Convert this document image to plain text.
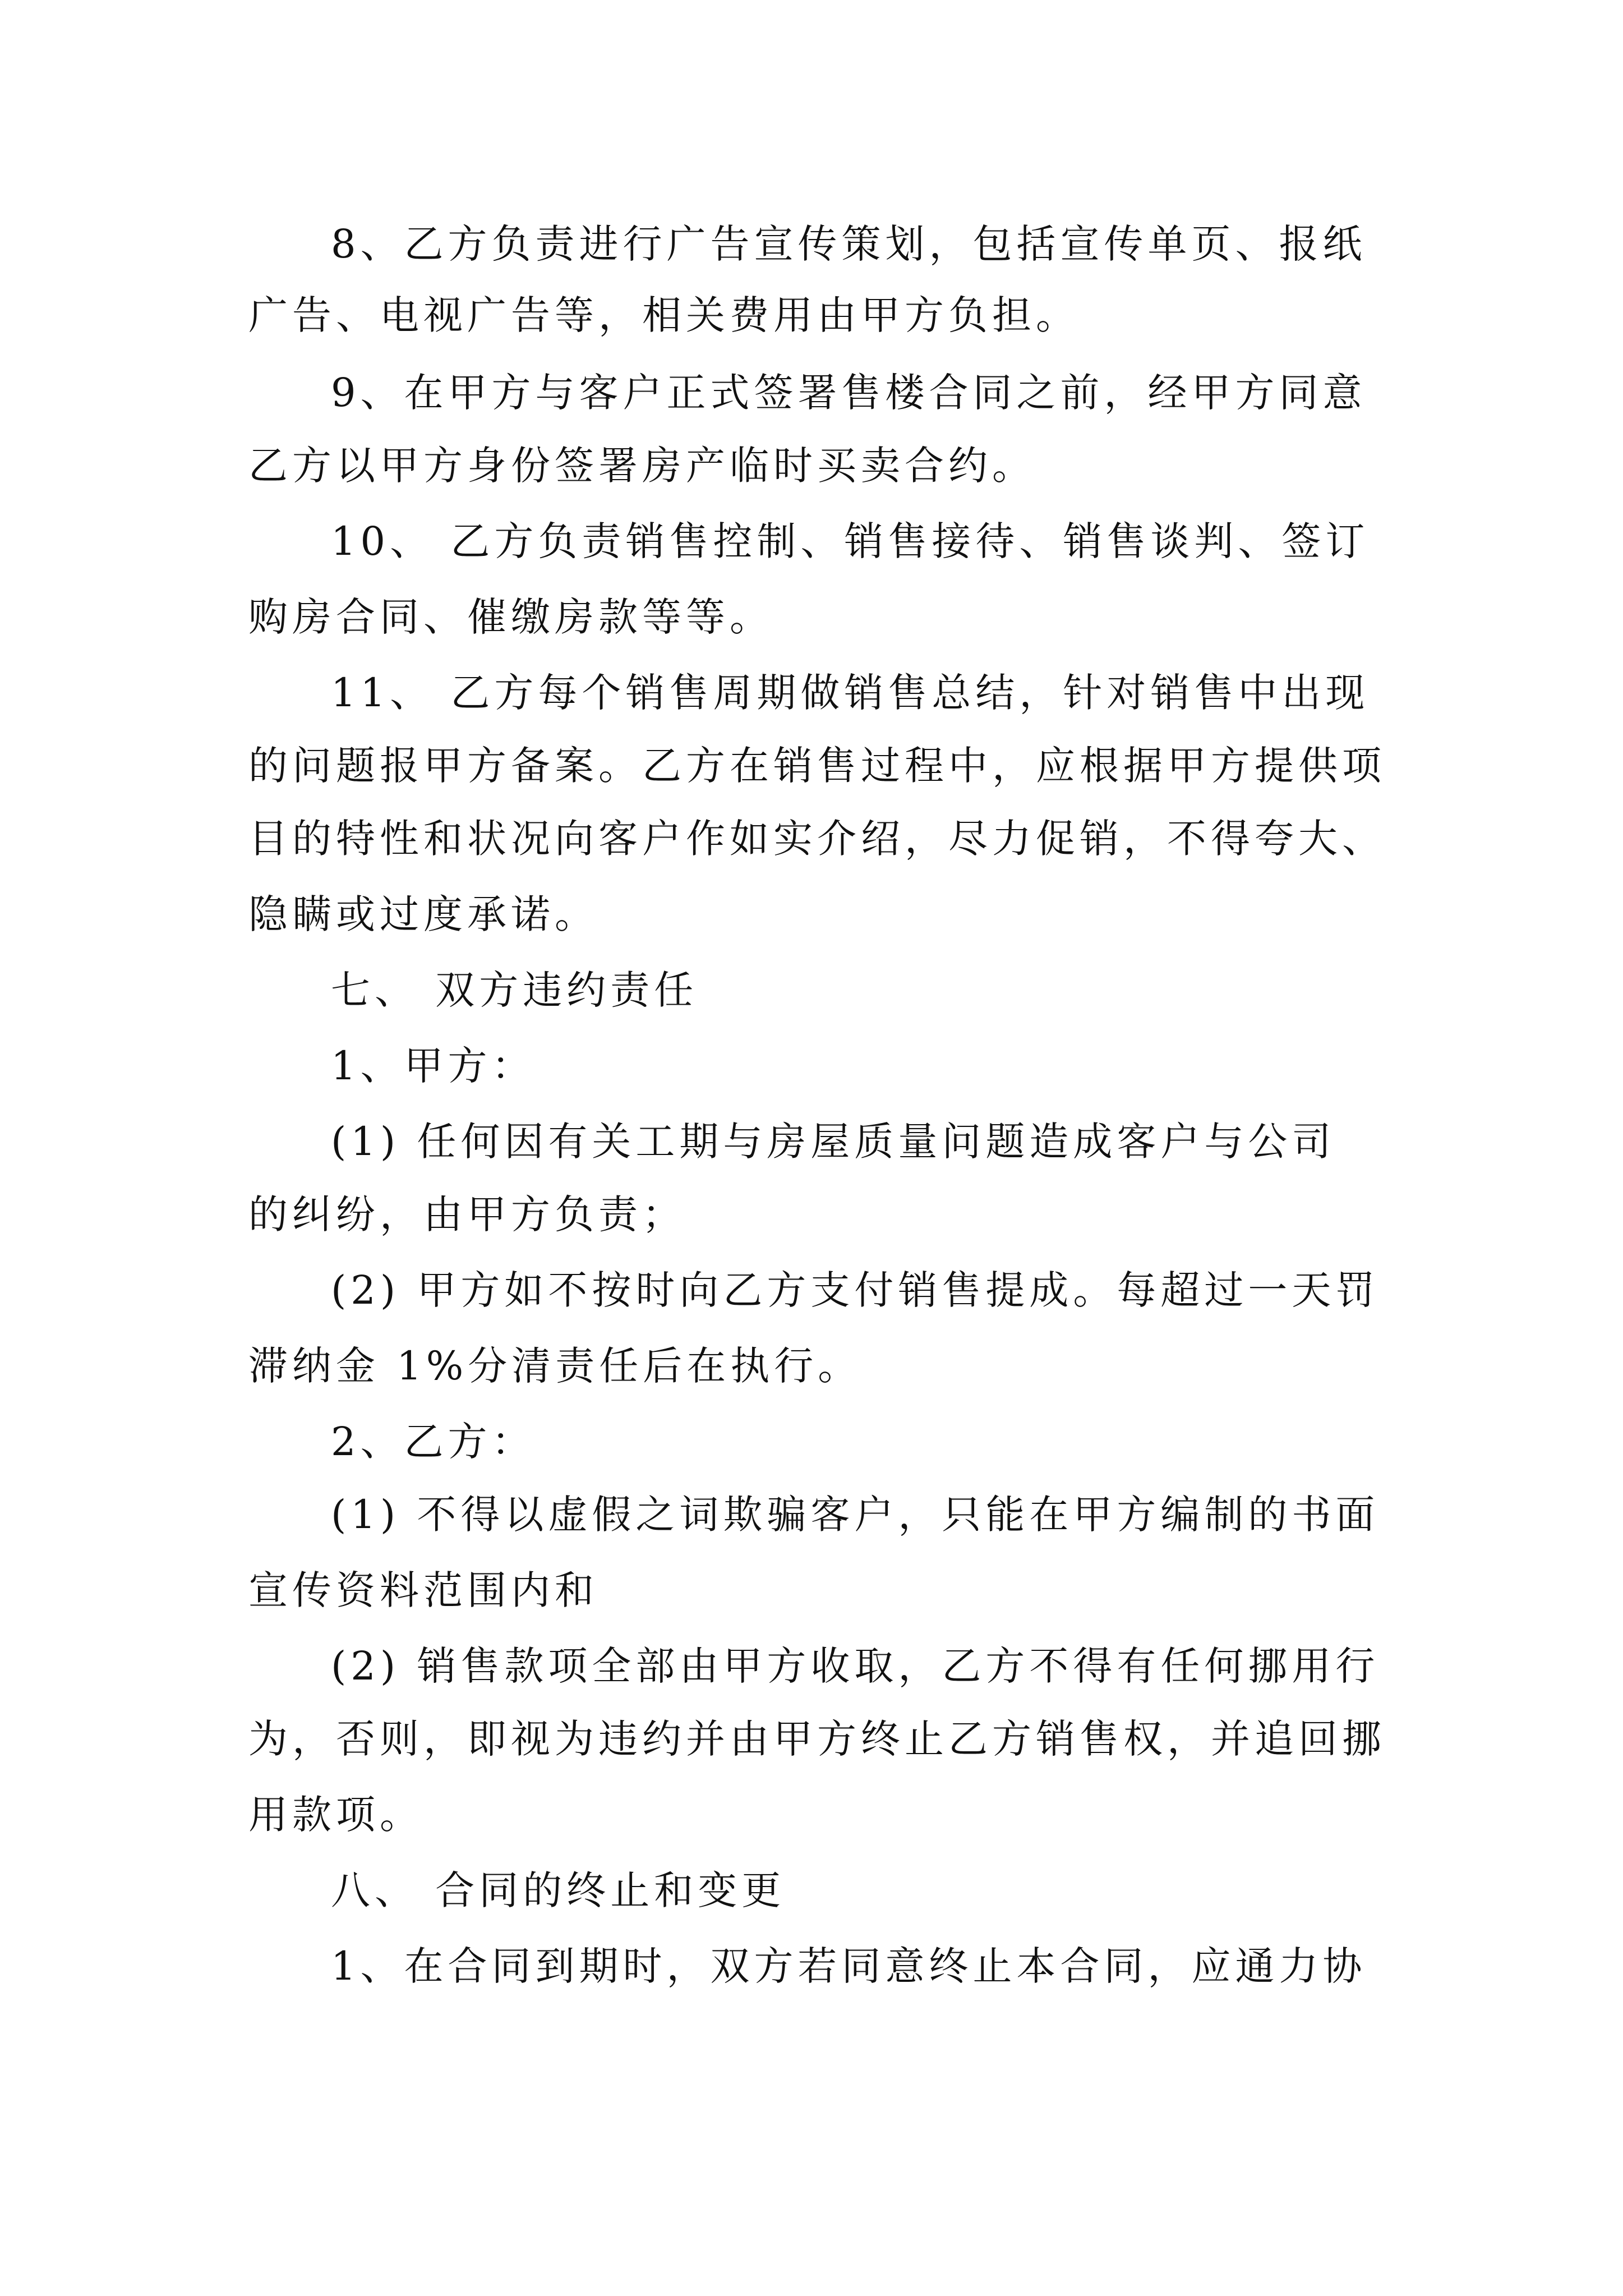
8、乙方负责进行广告宣传策划，包括宣传单页、报纸
广告、电视广告等，相关费用由甲方负担。
9、在甲方与客户正式签署售楼合同之前，经甲方同意
乙方以甲方身份签署房产临时买卖合约。
10、 乙方负责销售控制、销售接待、销售谈判、签订
购房合同、催缴房款等等。
11、 乙方每个销售周期做销售总结，针对销售中出现
的问题报甲方备案。乙方在销售过程中，应根据甲方提供项
目的特性和状况向客户作如实介绍，尽力促销，不得夸大、
隐瞒或过度承诺。
七、 双方违约责任
1、甲方：
(1) 任何因有关工期与房屋质量问题造成客户与公司
的纠纷，由甲方负责；
(2) 甲方如不按时向乙方支付销售提成。每超过一天罚
滞纳金 1%分清责任后在执行。
2、乙方：
(1) 不得以虚假之词欺骗客户，只能在甲方编制的书面
宣传资料范围内和
(2) 销售款项全部由甲方收取，乙方不得有任何挪用行
为，否则，即视为违约并由甲方终止乙方销售权，并追回挪
用款项。
八、 合同的终止和变更
1、在合同到期时，双方若同意终止本合同，应通力协
